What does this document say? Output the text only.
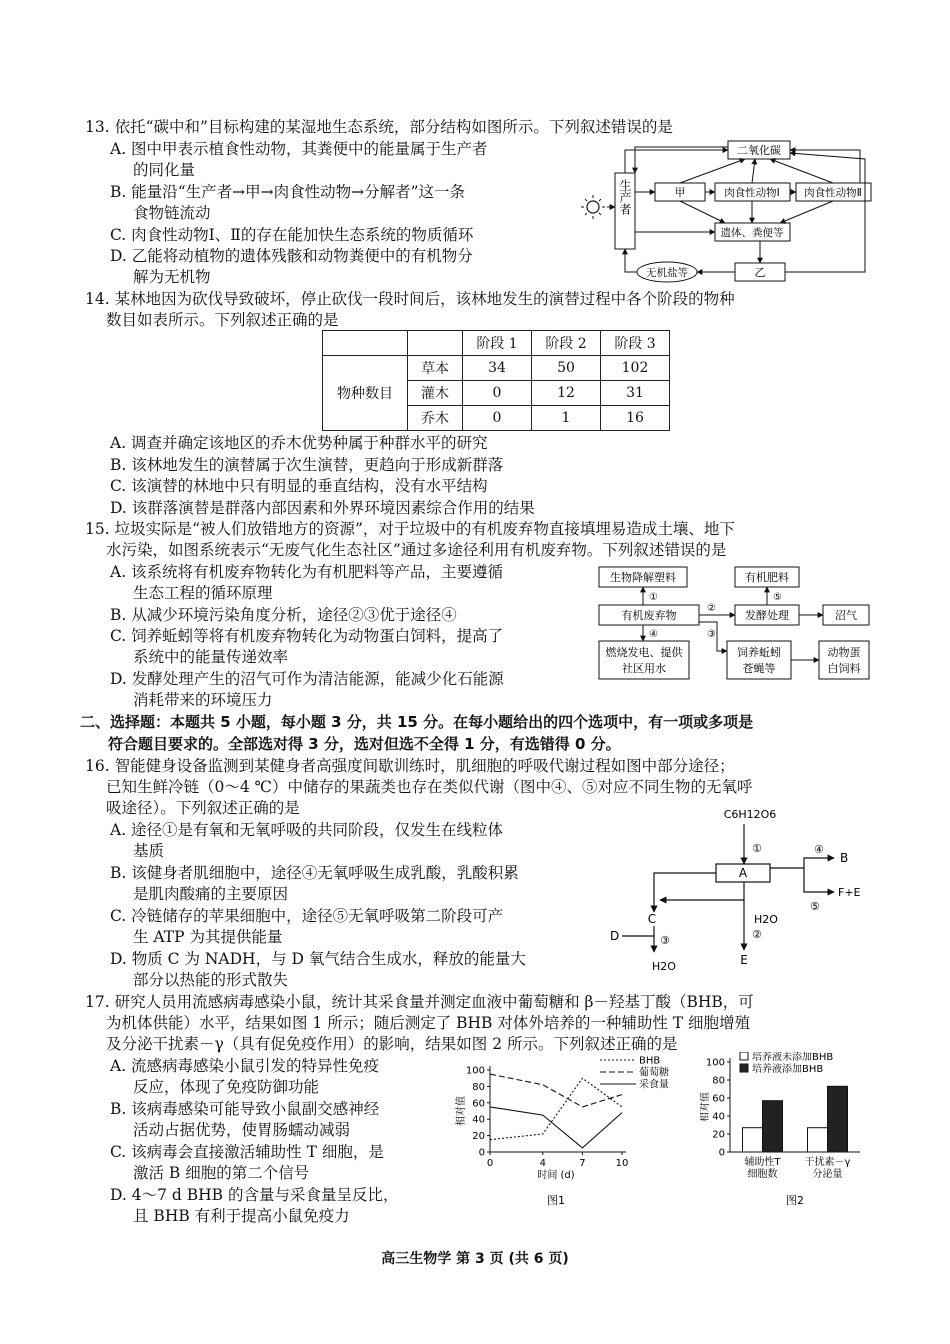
13. 依托“碳中和”目标构建的某湿地生态系统，部分结构如图所示。下列叙述错误的是
A. 图中甲表示植食性动物，其粪便中的能量属于生产者
的同化量
B. 能量沿“生产者→甲→肉食性动物→分解者”这一条
食物链流动
C. 肉食性动物Ⅰ、Ⅱ的存在能加快生态系统的物质循环
D. 乙能将动植物的遗体残骸和动物粪便中的有机物分
解为无机物
生产者
二氧化碳
甲	肉食性动物Ⅰ 肉食性动物Ⅱ
遗体、粪便等
乙
无机盐等
14. 某林地因为砍伐导致破坏，停止砍伐一段时间后，该林地发生的演替过程中各个阶段的物种
数目如表所示。下列叙述正确的是
		阶段 1	阶段 2	阶段 3
物种数目	草本	34	50	102
	灌木	0	12	31
	乔木	0	1	16
A. 调查并确定该地区的乔木优势种属于种群水平的研究
B. 该林地发生的演替属于次生演替，更趋向于形成新群落
C. 该演替的林地中只有明显的垂直结构，没有水平结构
D. 该群落演替是群落内部因素和外界环境因素综合作用的结果
15. 垃圾实际是“被人们放错地方的资源”，对于垃圾中的有机废弃物直接填埋易造成土壤、地下
水污染，如图系统表示“无废气化生态社区”通过多途径利用有机废弃物。下列叙述错误的是
A. 该系统将有机废弃物转化为有机肥料等产品，主要遵循
生态工程的循环原理
B. 从减少环境污染角度分析，途径②③优于途径④
C. 饲养蚯蚓等将有机废弃物转化为动物蛋白饲料，提高了
系统中的能量传递效率
D. 发酵处理产生的沼气可作为清洁能源，能减少化石能源
消耗带来的环境压力
生物降解塑料	有机肥料
有机废弃物	发酵处理	沼气
燃烧发电、提供
社区用水
饲养蚯蚓
苍蝇等
动物蛋
白饲料
①
②
⑤
④	③
二、选择题：本题共 5 小题，每小题 3 分，共 15 分。在每小题给出的四个选项中，有一项或多项是
符合题目要求的。全部选对得 3 分，选对但选不全得 1 分，有选错得 0 分。
16. 智能健身设备监测到某健身者高强度间歇训练时，肌细胞的呼吸代谢过程如图中部分途径；
已知生鲜冷链（0～4 ℃）中储存的果蔬类也存在类似代谢（图中④、⑤对应不同生物的无氧呼
吸途径）。下列叙述正确的是
A. 途径①是有氧和无氧呼吸的共同阶段，仅发生在线粒体
基质
B. 该健身者肌细胞中，途径④无氧呼吸生成乳酸，乳酸积累
是肌肉酸痛的主要原因
C. 冷链储存的苹果细胞中，途径⑤无氧呼吸第二阶段可产
生 ATP 为其提供能量
D. 物质 C 为 NADH，与 D 氧气结合生成水，释放的能量大
部分以热能的形式散失
C6H12O6
①
A
④
B
⑤
F+E
C	H2O
②
E
D	③
H2O
17. 研究人员用流感病毒感染小鼠，统计其采食量并测定血液中葡萄糖和 β－羟基丁酸（BHB，可
为机体供能）水平，结果如图 1 所示；随后测定了 BHB 对体外培养的一种辅助性 T 细胞增殖
及分泌干扰素－γ（具有促免疫作用）的影响，结果如图 2 所示。下列叙述正确的是
A. 流感病毒感染小鼠引发的特异性免疫
反应，体现了免疫防御功能
B. 该病毒感染可能导致小鼠副交感神经
活动占据优势，使胃肠蠕动减弱
C. 该病毒会直接激活辅助性 T 细胞，是
激活 B 细胞的第二个信号
D. 4～7 d BHB 的含量与采食量呈反比，
且 BHB 有利于提高小鼠免疫力
0
20
40
60
80
100
0	4	7	10
时间 (d)
相对值
BHB
葡萄糖
采食量
图1
0
20
40
60
80
100
相对值
辅助性T
细胞数
干扰素－γ
分泌量
培养液未添加BHB
培养液添加BHB
图2
高三生物学 第 3 页 (共 6 页)
